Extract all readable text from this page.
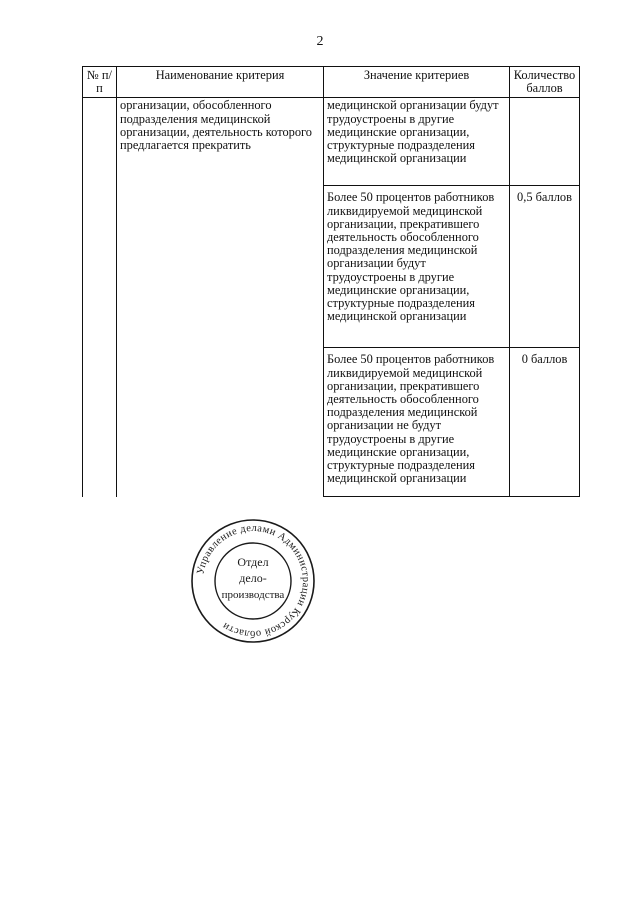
2
№ п/п	Наименование критерия	Значение критериев	Количество баллов
	организации, обособленного подразделения медицинской организации, деятельность которого предлагается прекратить	медицинской организации будут трудоустроены в другие медицинские организации, структурные подразделения медицинской организации	
		Более 50 процентов работников ликвидируемой медицинской организации, прекратившего деятельность обособленного подразделения медицинской организации будут трудоустроены в другие медицинские организации, структурные подразделения медицинской организации	0,5 баллов
		Более 50 процентов работников ликвидируемой медицинской организации, прекратившего деятельность обособленного подразделения медицинской организации не будут трудоустроены в другие медицинские организации, структурные подразделения медицинской организации	0 баллов
Управление делами Администрации Курской области
Отдел
дело-
производства
